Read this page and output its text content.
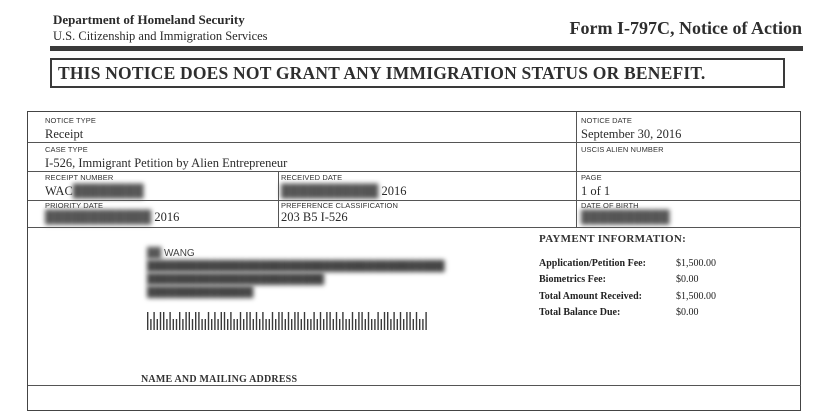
Department of Homeland Security
U.S. Citizenship and Immigration Services	Form I-797C, Notice of Action
THIS NOTICE DOES NOT GRANT ANY IMMIGRATION STATUS OR BENEFIT.
NOTICE TYPE
Receipt
NOTICE DATE
September 30, 2016
CASE TYPE
I-526, Immigrant Petition by Alien Entrepreneur
USCIS ALIEN NUMBER
RECEIPT NUMBER
WAC████████
RECEIVED DATE
███████████ 2016
PAGE
1 of 1
PRIORITY DATE
████████████ 2016
PREFERENCE CLASSIFICATION
203 B5 I-526
DATE OF BIRTH
██████████
██ WANG
██████████████████████████████████████████
█████████████████████████
███████████████
NAME AND MAILING ADDRESS
PAYMENT INFORMATION:
Application/Petition Fee:	$1,500.00
Biometrics Fee:	$0.00
Total Amount Received:	$1,500.00
Total Balance Due:	$0.00
